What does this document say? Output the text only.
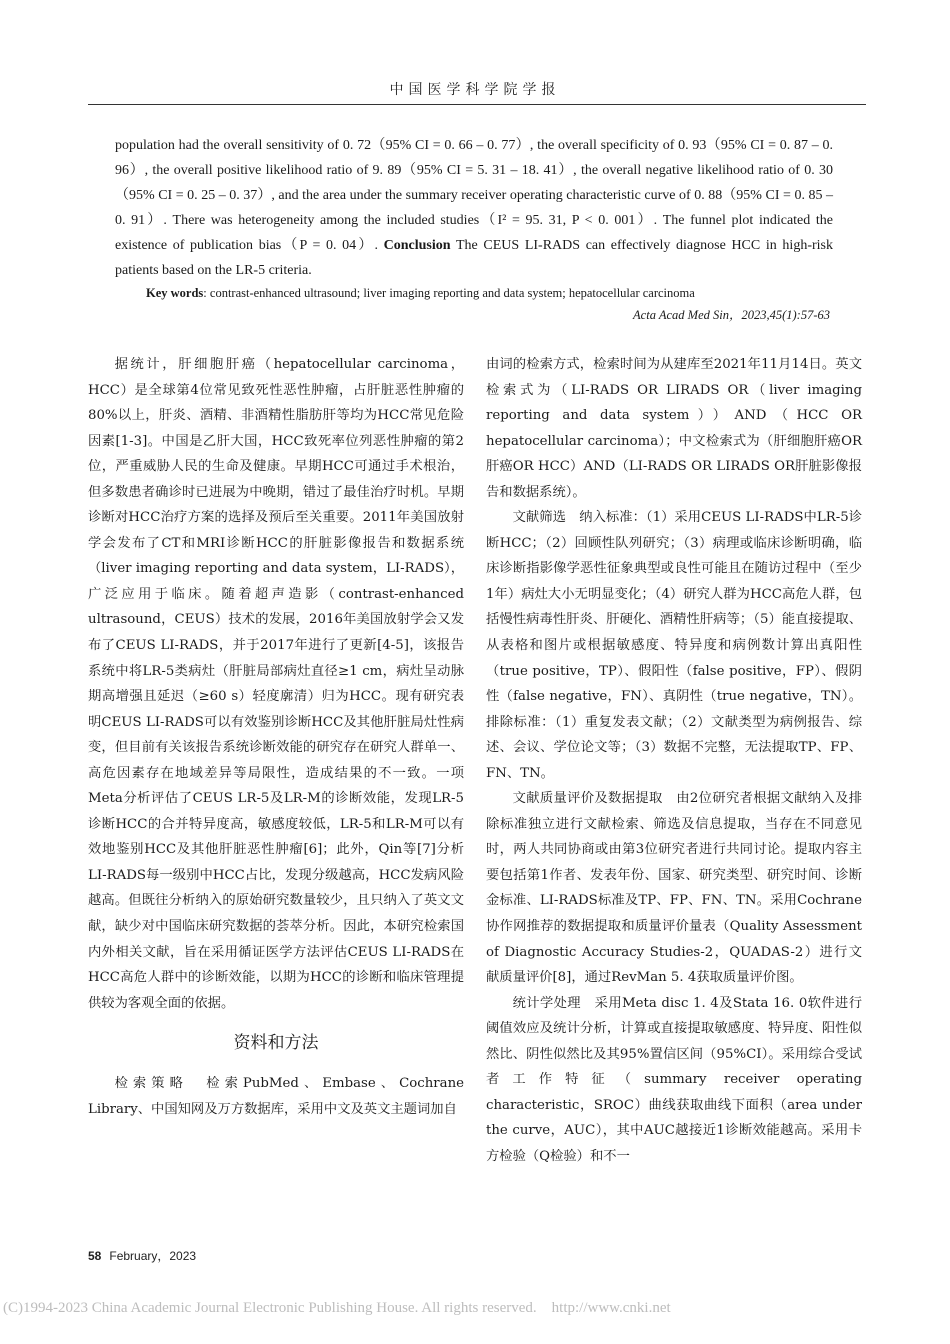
中国医学科学院学报

population had the overall sensitivity of 0. 72（95% CI = 0. 66 – 0. 77）, the overall specificity of 0. 93（95% CI = 0. 87 – 0. 96）, the overall positive likelihood ratio of 9. 89（95% CI = 5. 31 – 18. 41）, the overall negative likelihood ratio of 0. 30（95% CI = 0. 25 – 0. 37）, and the area under the summary receiver operating characteristic curve of 0. 88（95% CI = 0. 85 – 0. 91）. There was heterogeneity among the included studies（I² = 95. 31, P < 0. 001）. The funnel plot indicated the existence of publication bias（P = 0. 04）. Conclusion The CEUS LI-RADS can effectively diagnose HCC in high-risk patients based on the LR-5 criteria.

Key words: contrast-enhanced ultrasound; liver imaging reporting and data system; hepatocellular carcinoma
Acta Acad Med Sin，2023,45(1):57-63

据统计，肝细胞肝癌（hepatocellular carcinoma，HCC）是全球第4位常见致死性恶性肿瘤，占肝脏恶性肿瘤的80%以上，肝炎、酒精、非酒精性脂肪肝等均为HCC常见危险因素[1-3]。中国是乙肝大国，HCC致死率位列恶性肿瘤的第2位，严重威胁人民的生命及健康。早期HCC可通过手术根治，但多数患者确诊时已进展为中晚期，错过了最佳治疗时机。早期诊断对HCC治疗方案的选择及预后至关重要。2011年美国放射学会发布了CT和MRI诊断HCC的肝脏影像报告和数据系统（liver imaging reporting and data system，LI-RADS），广泛应用于临床。随着超声造影（contrast-enhanced ultrasound，CEUS）技术的发展，2016年美国放射学会又发布了CEUS LI-RADS，并于2017年进行了更新[4-5]，该报告系统中将LR-5类病灶（肝脏局部病灶直径≥1 cm，病灶呈动脉期高增强且延迟（≥60 s）轻度廓清）归为HCC。现有研究表明CEUS LI-RADS可以有效鉴别诊断HCC及其他肝脏局灶性病变，但目前有关该报告系统诊断效能的研究存在研究人群单一、高危因素存在地域差异等局限性，造成结果的不一致。一项Meta分析评估了CEUS LR-5及LR-M的诊断效能，发现LR-5诊断HCC的合并特异度高，敏感度较低，LR-5和LR-M可以有效地鉴别HCC及其他肝脏恶性肿瘤[6]；此外，Qin等[7]分析LI-RADS每一级别中HCC占比，发现分级越高，HCC发病风险越高。但既往分析纳入的原始研究数量较少，且只纳入了英文文献，缺少对中国临床研究数据的荟萃分析。因此，本研究检索国内外相关文献，旨在采用循证医学方法评估CEUS LI-RADS在HCC高危人群中的诊断效能，以期为HCC的诊断和临床管理提供较为客观全面的依据。

资料和方法

检索策略　检索PubMed、Embase、Cochrane Library、中国知网及万方数据库，采用中文及英文主题词加自

由词的检索方式，检索时间为从建库至2021年11月14日。英文检索式为（LI-RADS OR LIRADS OR（liver imaging reporting and data system））AND（HCC OR hepatocellular carcinoma）；中文检索式为（肝细胞肝癌OR肝癌OR HCC）AND（LI-RADS OR LIRADS OR肝脏影像报告和数据系统）。

文献筛选　纳入标准：（1）采用CEUS LI-RADS中LR-5诊断HCC；（2）回顾性队列研究；（3）病理或临床诊断明确，临床诊断指影像学恶性征象典型或良性可能且在随访过程中（至少1年）病灶大小无明显变化；（4）研究人群为HCC高危人群，包括慢性病毒性肝炎、肝硬化、酒精性肝病等；（5）能直接提取、从表格和图片或根据敏感度、特异度和病例数计算出真阳性（true positive，TP）、假阳性（false positive，FP）、假阴性（false negative，FN）、真阴性（true negative，TN）。排除标准：（1）重复发表文献；（2）文献类型为病例报告、综述、会议、学位论文等；（3）数据不完整，无法提取TP、FP、FN、TN。

文献质量评价及数据提取　由2位研究者根据文献纳入及排除标准独立进行文献检索、筛选及信息提取，当存在不同意见时，两人共同协商或由第3位研究者进行共同讨论。提取内容主要包括第1作者、发表年份、国家、研究类型、研究时间、诊断金标准、LI-RADS标准及TP、FP、FN、TN。采用Cochrane协作网推荐的数据提取和质量评价量表（Quality Assessment of Diagnostic Accuracy Studies-2，QUADAS-2）进行文献质量评价[8]，通过RevMan 5. 4获取质量评价图。

统计学处理　采用Meta disc 1. 4及Stata 16. 0软件进行阈值效应及统计分析，计算或直接提取敏感度、特异度、阳性似然比、阴性似然比及其95%置信区间（95%CI）。采用综合受试者工作特征（summary receiver operating characteristic，SROC）曲线获取曲线下面积（area under the curve，AUC），其中AUC越接近1诊断效能越高。采用卡方检验（Q检验）和不一

58 February，2023
(C)1994-2023 China Academic Journal Electronic Publishing House. All rights reserved.　http://www.cnki.net
